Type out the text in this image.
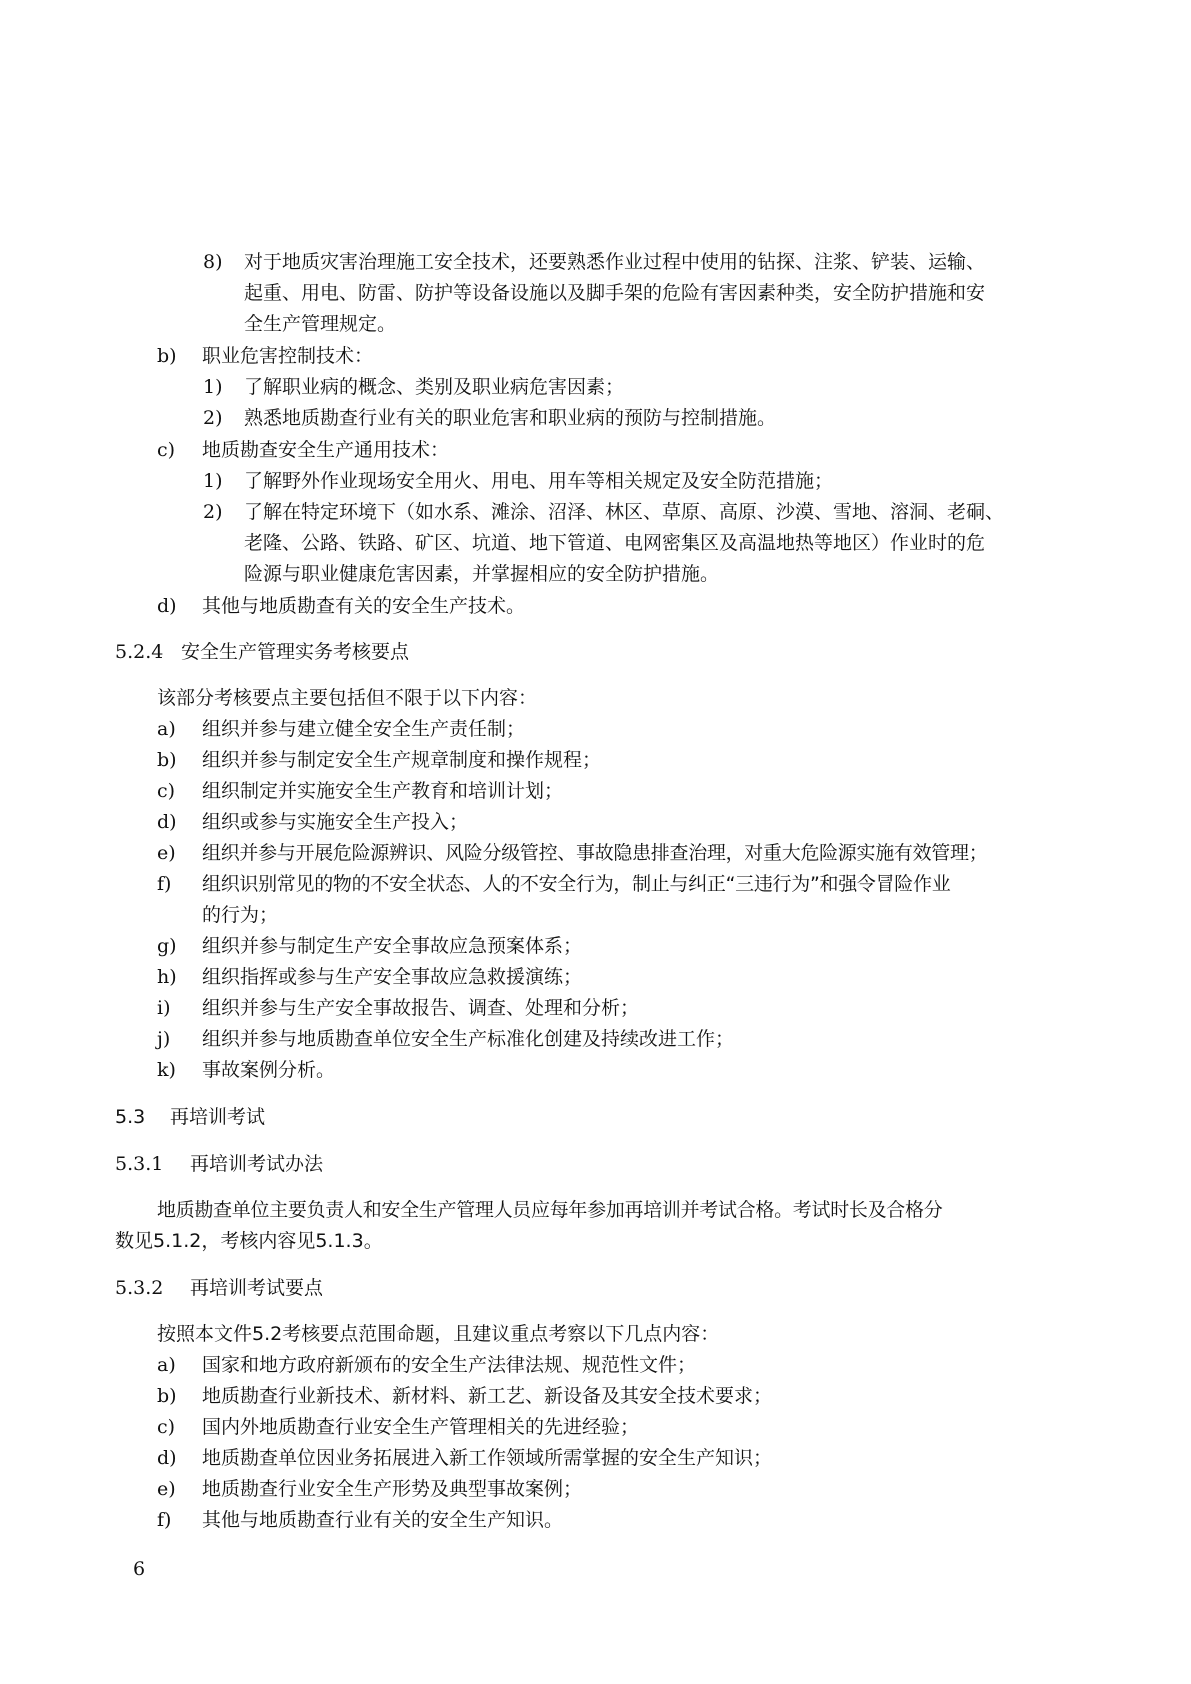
8) 对于地质灾害治理施工安全技术，还要熟悉作业过程中使用的钻探、注浆、铲装、运输、
起重、用电、防雷、防护等设备设施以及脚手架的危险有害因素种类，安全防护措施和安
全生产管理规定。
b) 职业危害控制技术：
1) 了解职业病的概念、类别及职业病危害因素；
2) 熟悉地质勘查行业有关的职业危害和职业病的预防与控制措施。
c) 地质勘查安全生产通用技术：
1) 了解野外作业现场安全用火、用电、用车等相关规定及安全防范措施；
2) 了解在特定环境下（如水系、滩涂、沼泽、林区、草原、高原、沙漠、雪地、溶洞、老硐、
老隆、公路、铁路、矿区、坑道、地下管道、电网密集区及高温地热等地区）作业时的危
险源与职业健康危害因素，并掌握相应的安全防护措施。
d) 其他与地质勘查有关的安全生产技术。
5.2.4 安全生产管理实务考核要点
该部分考核要点主要包括但不限于以下内容：
a) 组织并参与建立健全安全生产责任制；
b) 组织并参与制定安全生产规章制度和操作规程；
c) 组织制定并实施安全生产教育和培训计划；
d) 组织或参与实施安全生产投入；
e) 组织并参与开展危险源辨识、风险分级管控、事故隐患排查治理，对重大危险源实施有效管理；
f) 组织识别常见的物的不安全状态、人的不安全行为，制止与纠正“三违行为”和强令冒险作业
的行为；
g) 组织并参与制定生产安全事故应急预案体系；
h) 组织指挥或参与生产安全事故应急救援演练；
i) 组织并参与生产安全事故报告、调查、处理和分析；
j) 组织并参与地质勘查单位安全生产标准化创建及持续改进工作；
k) 事故案例分析。
5.3 再培训考试
5.3.1 再培训考试办法
地质勘查单位主要负责人和安全生产管理人员应每年参加再培训并考试合格。考试时长及合格分
数见5.1.2，考核内容见5.1.3。
5.3.2 再培训考试要点
按照本文件5.2考核要点范围命题，且建议重点考察以下几点内容：
a) 国家和地方政府新颁布的安全生产法律法规、规范性文件；
b) 地质勘查行业新技术、新材料、新工艺、新设备及其安全技术要求；
c) 国内外地质勘查行业安全生产管理相关的先进经验；
d) 地质勘查单位因业务拓展进入新工作领域所需掌握的安全生产知识；
e) 地质勘查行业安全生产形势及典型事故案例；
f) 其他与地质勘查行业有关的安全生产知识。
6
